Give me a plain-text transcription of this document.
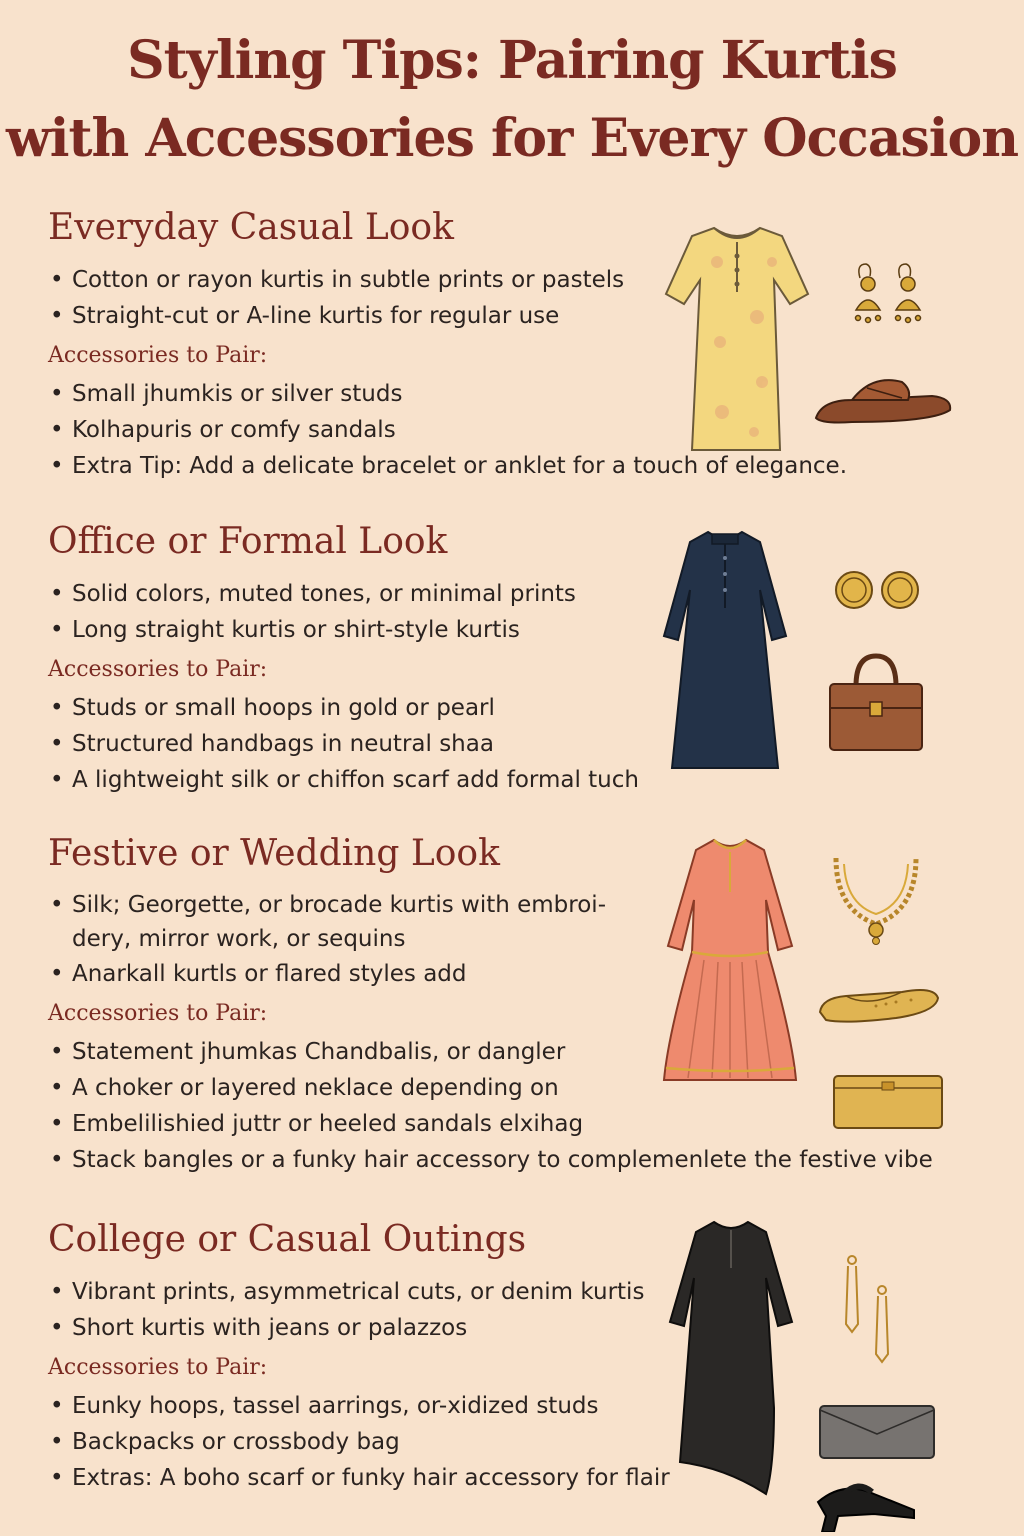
Styling Tips: Pairing Kurtis
with Accessories for Every Occasion
Everyday Casual Look
• Cotton or rayon kurtis in subtle prints or pastels
• Straight-cut or A-line kurtis for regular use
Accessories to Pair:
• Small jhumkis or silver studs
• Kolhapuris or comfy sandals
• Extra Tip: Add a delicate bracelet or anklet for a touch of elegance.
Office or Formal Look
• Solid colors, muted tones, or minimal prints
• Long straight kurtis or shirt-style kurtis
Accessories to Pair:
• Studs or small hoops in gold or pearl
• Structured handbags in neutral shaa
• A lightweight silk or chiffon scarf add formal tuch
Festive or Wedding Look
• Silk; Georgette, or brocade kurtis with embroi-dery, mirror work, or sequins
• Anarkall kurtls or flared styles add
Accessories to Pair:
• Statement jhumkas Chandbalis, or dangler
• A choker or layered neklace depending on
• Embelilishied juttr or heeled sandals elxihag
• Stack bangles or a funky hair accessory to complemenlete the festive vibe
College or Casual Outings
• Vibrant prints, asymmetrical cuts, or denim kurtis
• Short kurtis with jeans or palazzos
Accessories to Pair:
• Eunky hoops, tassel aarrings, or-xidized studs
• Backpacks or crossbody bag
• Extras: A boho scarf or funky hair accessory for flair
